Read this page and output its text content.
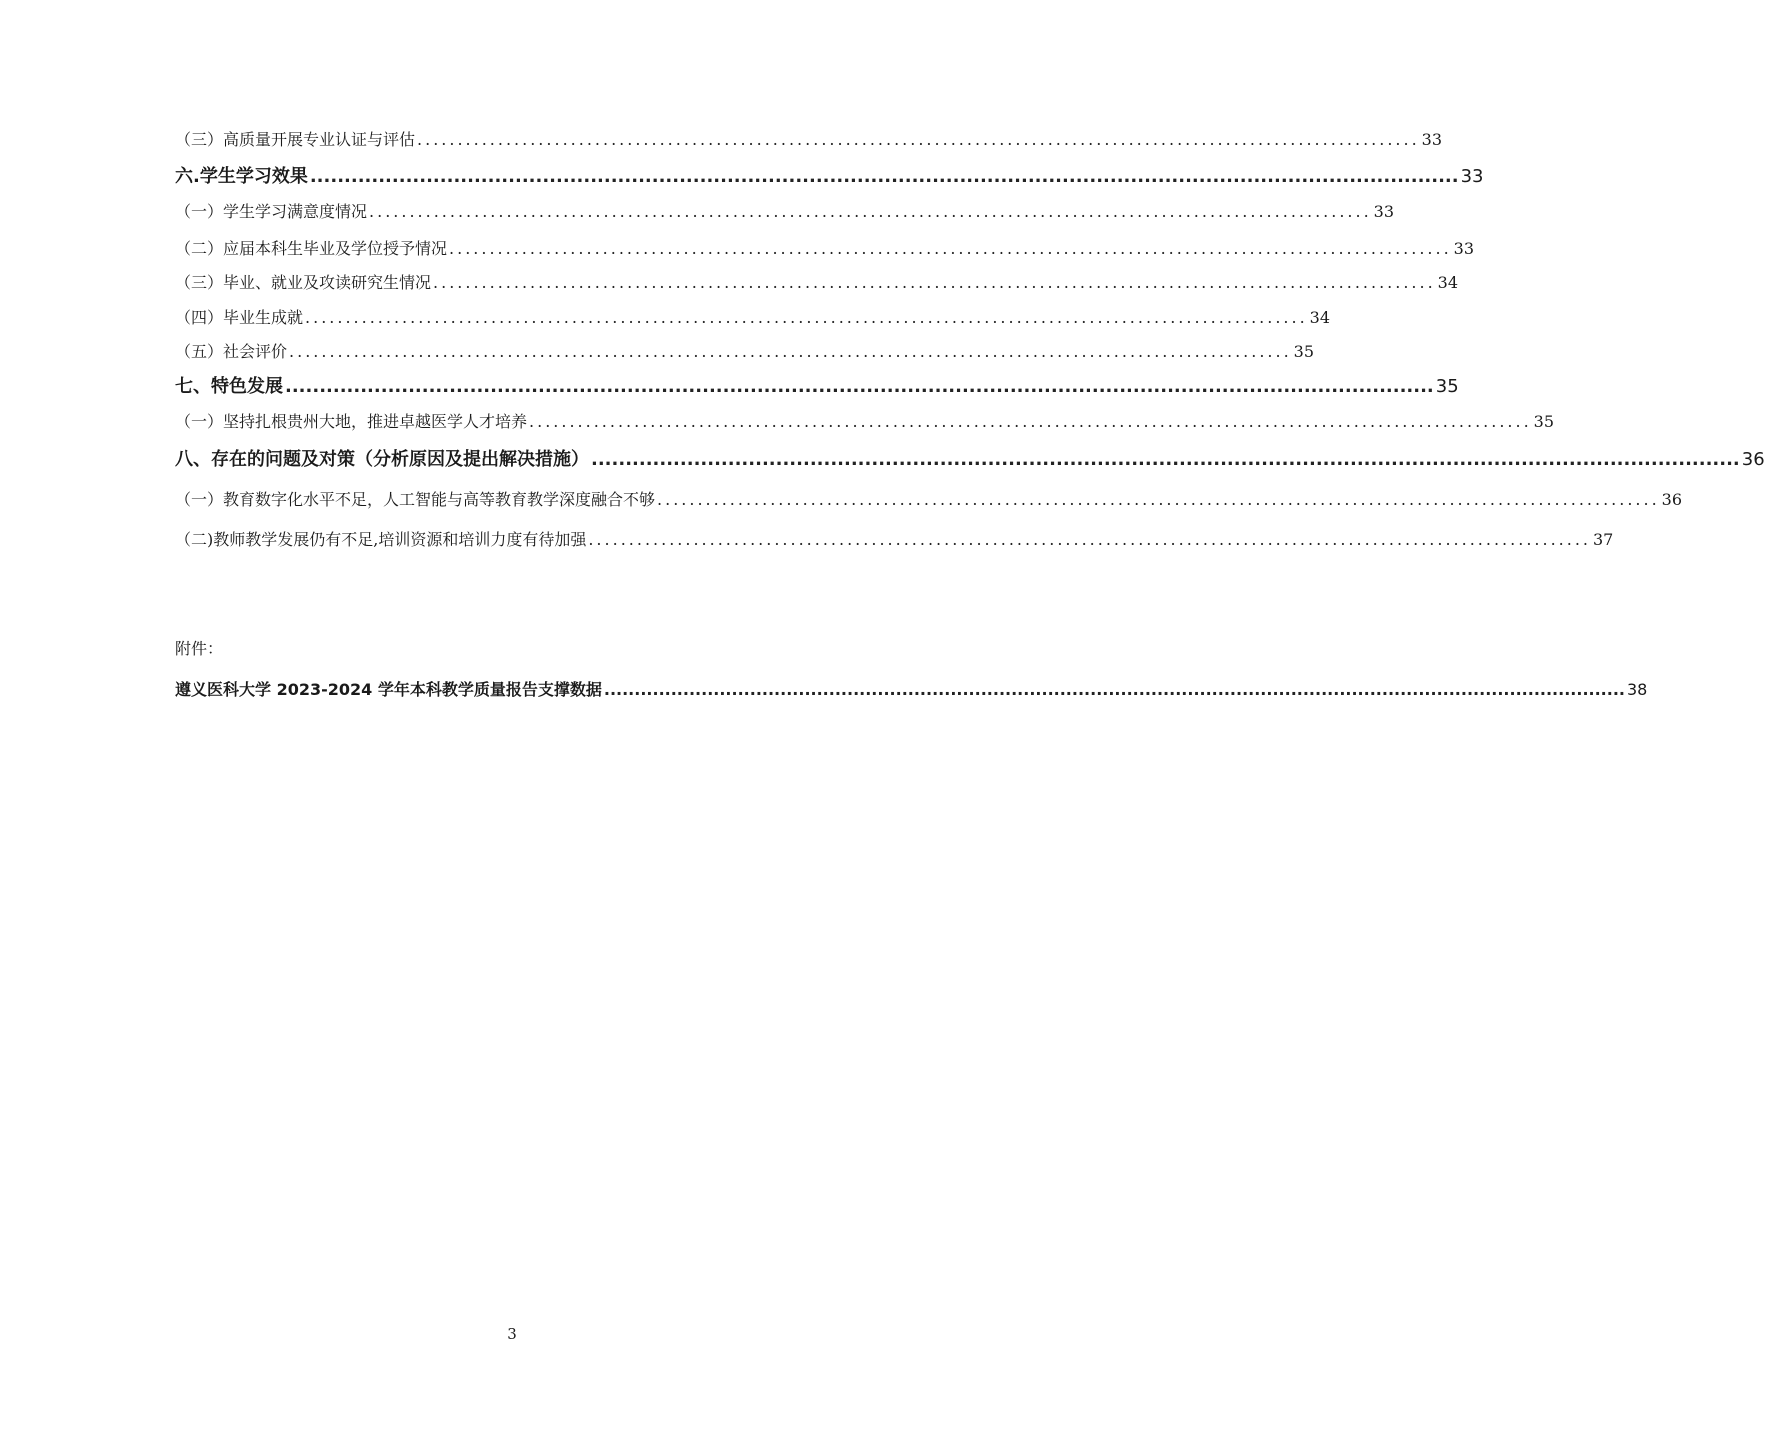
（三）高质量开展专业认证与评估 ............................................................................................................................ 33
六.学生学习效果 ........................................................................................................................................................................ 33
（一）学生学习满意度情况 ............................................................................................................................ 33
（二）应届本科生毕业及学位授予情况 ............................................................................................................................ 33
（三）毕业、就业及攻读研究生情况 ............................................................................................................................ 34
（四）毕业生成就 ............................................................................................................................ 34
（五）社会评价 ............................................................................................................................ 35
七、特色发展 ........................................................................................................................................................................ 35
（一）坚持扎根贵州大地，推进卓越医学人才培养 ............................................................................................................................ 35
八、存在的问题及对策（分析原因及提出解决措施） ........................................................................................................................................................................ 36
（一）教育数字化水平不足，人工智能与高等教育教学深度融合不够 ............................................................................................................................ 36
（二)教师教学发展仍有不足,培训资源和培训力度有待加强 ............................................................................................................................ 37
遵义医科大学 2023-2024 学年本科教学质量报告支撑数据 ........................................................................................................................................................................ 38
附件：
3
